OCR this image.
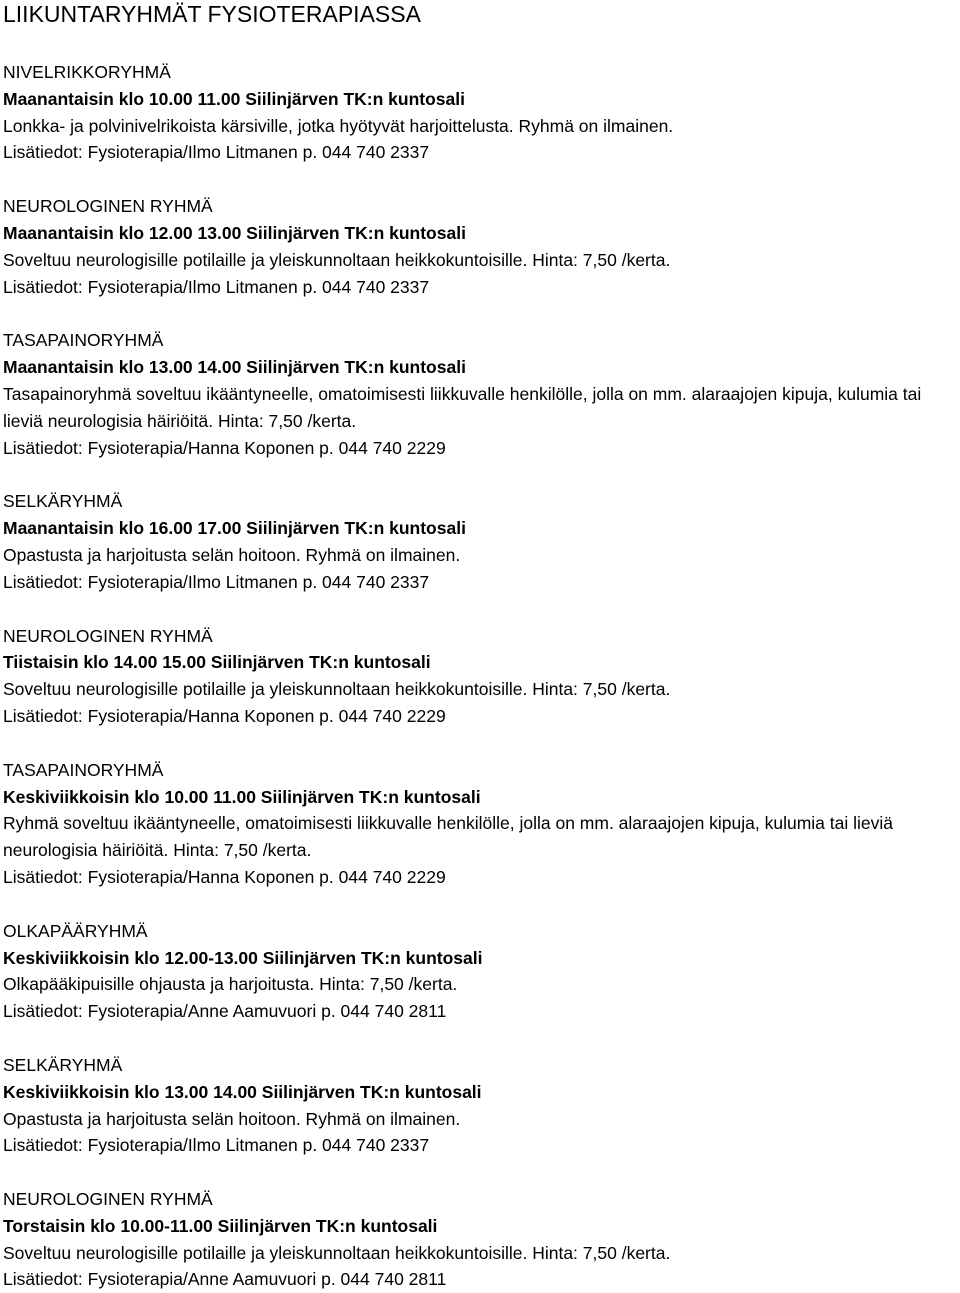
LIIKUNTARYHMÄT FYSIOTERAPIASSA
NIVELRIKKORYHMÄ
Maanantaisin klo 10.00 11.00 Siilinjärven TK:n kuntosali
Lonkka- ja polvinivelrikoista kärsiville, jotka hyötyvät harjoittelusta. Ryhmä on ilmainen.
Lisätiedot: Fysioterapia/Ilmo Litmanen p. 044 740 2337
NEUROLOGINEN RYHMÄ
Maanantaisin klo 12.00 13.00 Siilinjärven TK:n kuntosali
Soveltuu neurologisille potilaille ja yleiskunnoltaan heikkokuntoisille. Hinta: 7,50 /kerta.
Lisätiedot: Fysioterapia/Ilmo Litmanen p. 044 740 2337
TASAPAINORYHMÄ
Maanantaisin klo 13.00 14.00 Siilinjärven TK:n kuntosali
Tasapainoryhmä soveltuu ikääntyneelle, omatoimisesti liikkuvalle henkilölle, jolla on mm. alaraajojen kipuja, kulumia tai lieviä neurologisia häiriöitä. Hinta: 7,50 /kerta.
Lisätiedot: Fysioterapia/Hanna Koponen p. 044 740 2229
SELKÄRYHMÄ
Maanantaisin klo 16.00 17.00 Siilinjärven TK:n kuntosali
Opastusta ja harjoitusta selän hoitoon. Ryhmä on ilmainen.
Lisätiedot: Fysioterapia/Ilmo Litmanen p. 044 740 2337
NEUROLOGINEN RYHMÄ
Tiistaisin klo 14.00 15.00 Siilinjärven TK:n kuntosali
Soveltuu neurologisille potilaille ja yleiskunnoltaan heikkokuntoisille. Hinta: 7,50 /kerta.
Lisätiedot: Fysioterapia/Hanna Koponen p. 044 740 2229
TASAPAINORYHMÄ
Keskiviikkoisin klo 10.00 11.00 Siilinjärven TK:n kuntosali
Ryhmä soveltuu ikääntyneelle, omatoimisesti liikkuvalle henkilölle, jolla on mm. alaraajojen kipuja, kulumia tai lieviä neurologisia häiriöitä. Hinta: 7,50 /kerta.
Lisätiedot: Fysioterapia/Hanna Koponen p. 044 740 2229
OLKAPÄÄRYHMÄ
Keskiviikkoisin klo 12.00-13.00 Siilinjärven TK:n kuntosali
Olkapääkipuisille ohjausta ja harjoitusta. Hinta: 7,50 /kerta.
Lisätiedot: Fysioterapia/Anne Aamuvuori p. 044 740 2811
SELKÄRYHMÄ
Keskiviikkoisin klo 13.00 14.00 Siilinjärven TK:n kuntosali
Opastusta ja harjoitusta selän hoitoon. Ryhmä on ilmainen.
Lisätiedot: Fysioterapia/Ilmo Litmanen p. 044 740 2337
NEUROLOGINEN RYHMÄ
Torstaisin klo 10.00-11.00 Siilinjärven TK:n kuntosali
Soveltuu neurologisille potilaille ja yleiskunnoltaan heikkokuntoisille. Hinta: 7,50 /kerta.
Lisätiedot: Fysioterapia/Anne Aamuvuori p. 044 740 2811
